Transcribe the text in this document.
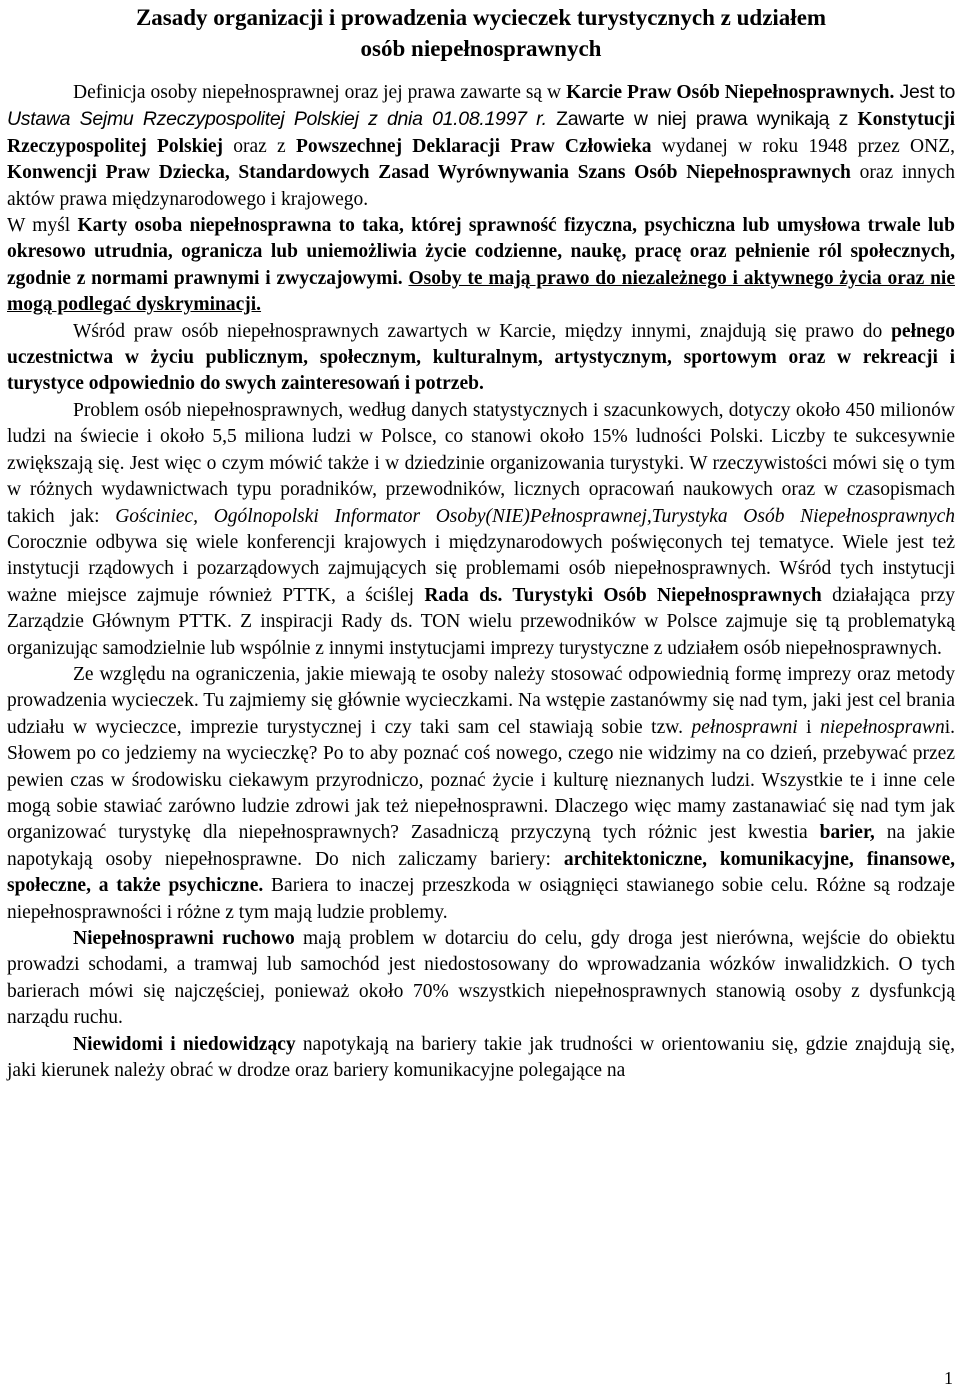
Zasady organizacji i prowadzenia wycieczek turystycznych z udziałem
osób niepełnosprawnych

Definicja osoby niepełnosprawnej oraz jej prawa zawarte są w Karcie Praw Osób Niepełnosprawnych. Jest to Ustawa Sejmu Rzeczypospolitej Polskiej z dnia 01.08.1997 r. Zawarte w niej prawa wynikają z Konstytucji Rzeczypospolitej Polskiej oraz z Powszechnej Deklaracji Praw Człowieka wydanej w roku 1948 przez ONZ, Konwencji Praw Dziecka, Standardowych Zasad Wyrównywania Szans Osób Niepełnosprawnych oraz innych aktów prawa międzynarodowego i krajowego.

W myśl Karty osoba niepełnosprawna to taka, której sprawność fizyczna, psychiczna lub umysłowa trwale lub okresowo utrudnia, ogranicza lub uniemożliwia życie codzienne, naukę, pracę oraz pełnienie ról społecznych, zgodnie z normami prawnymi i zwyczajowymi. Osoby te mają prawo do niezależnego i aktywnego życia oraz nie mogą podlegać dyskryminacji.

Wśród praw osób niepełnosprawnych zawartych w Karcie, między innymi, znajdują się prawo do pełnego uczestnictwa w życiu publicznym, społecznym, kulturalnym, artystycznym, sportowym oraz w rekreacji i turystyce odpowiednio do swych zainteresowań i potrzeb.

Problem osób niepełnosprawnych, według danych statystycznych i szacunkowych, dotyczy około 450 milionów ludzi na świecie i około 5,5 miliona ludzi w Polsce, co stanowi około 15% ludności Polski. Liczby te sukcesywnie zwiększają się. Jest więc o czym mówić także i w dziedzinie organizowania turystyki. W rzeczywistości mówi się o tym w różnych wydawnictwach typu poradników, przewodników, licznych opracowań naukowych oraz w czasopismach takich jak: Gościniec, Ogólnopolski Informator Osoby(NIE)Pełnosprawnej,Turystyka Osób Niepełnosprawnych Corocznie odbywa się wiele konferencji krajowych i międzynarodowych poświęconych tej tematyce. Wiele jest też instytucji rządowych i pozarządowych zajmujących się problemami osób niepełnosprawnych. Wśród tych instytucji ważne miejsce zajmuje również PTTK, a ściślej Rada ds. Turystyki Osób Niepełnosprawnych działająca przy Zarządzie Głównym PTTK. Z inspiracji Rady ds. TON wielu przewodników w Polsce zajmuje się tą problematyką organizując samodzielnie lub wspólnie z innymi instytucjami imprezy turystyczne z udziałem osób niepełnosprawnych.

Ze względu na ograniczenia, jakie miewają te osoby należy stosować odpowiednią formę imprezy oraz metody prowadzenia wycieczek. Tu zajmiemy się głównie wycieczkami. Na wstępie zastanówmy się nad tym, jaki jest cel brania udziału w wycieczce, imprezie turystycznej i czy taki sam cel stawiają sobie tzw. pełnosprawni i niepełnosprawni. Słowem po co jedziemy na wycieczkę? Po to aby poznać coś nowego, czego nie widzimy na co dzień, przebywać przez pewien czas w środowisku ciekawym przyrodniczo, poznać życie i kulturę nieznanych ludzi. Wszystkie te i inne cele mogą sobie stawiać zarówno ludzie zdrowi jak też niepełnosprawni. Dlaczego więc mamy zastanawiać się nad tym jak organizować turystykę dla niepełnosprawnych? Zasadniczą przyczyną tych różnic jest kwestia barier, na jakie napotykają osoby niepełnosprawne. Do nich zaliczamy bariery: architektoniczne, komunikacyjne, finansowe, społeczne, a także psychiczne. Bariera to inaczej przeszkoda w osiągnięci stawianego sobie celu. Różne są rodzaje niepełnosprawności i różne z tym mają ludzie problemy.

Niepełnosprawni ruchowo mają problem w dotarciu do celu, gdy droga jest nierówna, wejście do obiektu prowadzi schodami, a tramwaj lub samochód jest niedostosowany do wprowadzania wózków inwalidzkich. O tych barierach mówi się najczęściej, ponieważ około 70% wszystkich niepełnosprawnych stanowią osoby z dysfunkcją narządu ruchu.

Niewidomi i niedowidzący napotykają na bariery takie jak trudności w orientowaniu się, gdzie znajdują się, jaki kierunek należy obrać w drodze oraz bariery komunikacyjne polegające na

1
